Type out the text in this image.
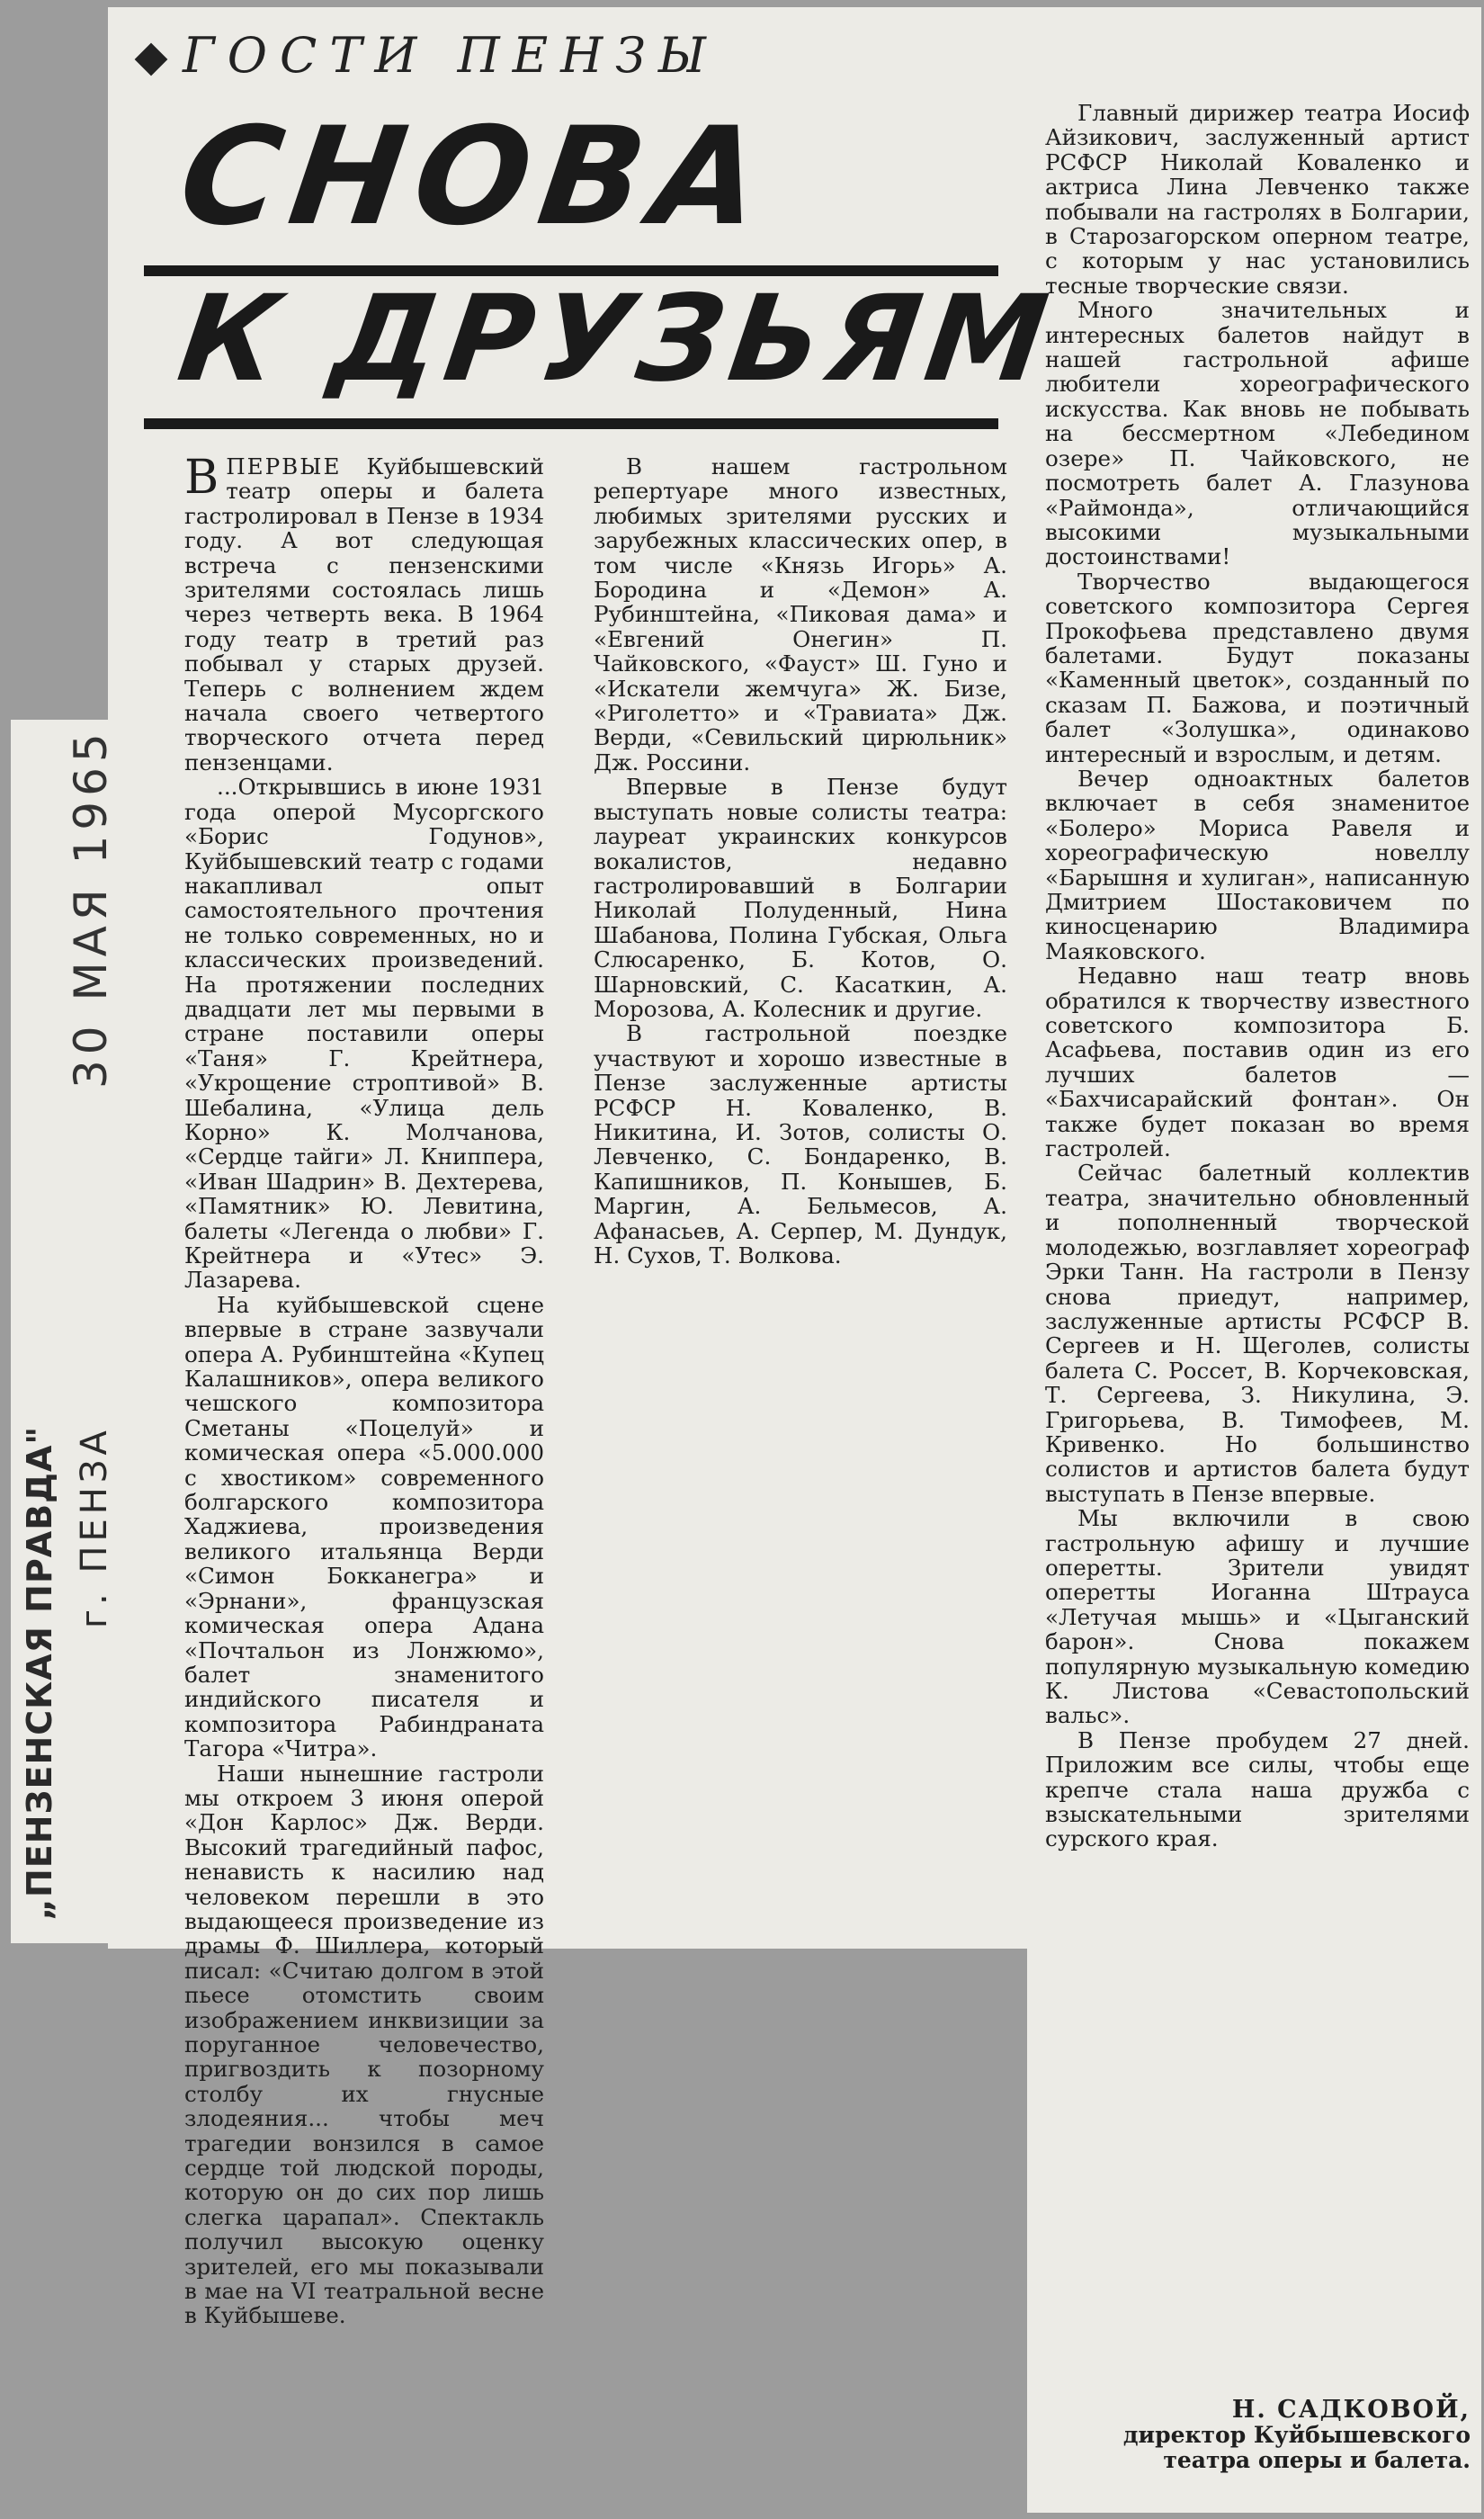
„ПЕНЗЕНСКАЯ ПРАВДА" г. ПЕНЗА
30 МАЯ 1965
ГОСТИ ПЕНЗЫ
СНОВА
К ДРУЗЬЯМ

ВПЕРВЫЕ Куйбышевский театр оперы и балета гастролировал в Пензе в 1934 году. А вот следующая встреча с пензенскими зрителями состоялась лишь через четверть века. В 1964 году театр в третий раз побывал у старых друзей. Теперь с волнением ждем начала своего четвертого творческого отчета перед пензенцами.

...Открывшись в июне 1931 года оперой Мусоргского «Борис Годунов», Куйбышевский театр с годами накапливал опыт самостоятельного прочтения не только современных, но и классических произведений. На протяжении последних двадцати лет мы первыми в стране поставили оперы «Таня» Г. Крейтнера, «Укрощение строптивой» В. Шебалина, «Улица дель Корно» К. Молчанова, «Сердце тайги» Л. Книппера, «Иван Шадрин» В. Дехтерева, «Памятник» Ю. Левитина, балеты «Легенда о любви» Г. Крейтнера и «Утес» Э. Лазарева.

На куйбышевской сцене впервые в стране зазвучали опера А. Рубинштейна «Купец Калашников», опера великого чешского композитора Сметаны «Поцелуй» и комическая опера «5.000.000 с хвостиком» современного болгарского композитора Хаджиева, произведения великого итальянца Верди «Симон Бокканегра» и «Эрнани», французская комическая опера Адана «Почтальон из Лонжюмо», балет знаменитого индийского писателя и композитора Рабиндраната Тагора «Читра».

Наши нынешние гастроли мы откроем 3 июня оперой «Дон Карлос» Дж. Верди. Высокий трагедийный пафос, ненависть к насилию над человеком перешли в это выдающееся произведение из драмы Ф. Шиллера, который писал: «Считаю долгом в этой пьесе отомстить своим изображением инквизиции за поруганное человечество, пригвоздить к позорному столбу их гнусные злодеяния... чтобы меч трагедии вонзился в самое сердце той людской породы, которую он до сих пор лишь слегка царапал». Спектакль получил высокую оценку зрителей, его мы показывали в мае на VI театральной весне в Куйбышеве.

В нашем гастрольном репертуаре много известных, любимых зрителями русских и зарубежных классических опер, в том числе «Князь Игорь» А. Бородина и «Демон» А. Рубинштейна, «Пиковая дама» и «Евгений Онегин» П. Чайковского, «Фауст» Ш. Гуно и «Искатели жемчуга» Ж. Бизе, «Риголетто» и «Травиата» Дж. Верди, «Севильский цирюльник» Дж. Россини.

Впервые в Пензе будут выступать новые солисты театра: лауреат украинских конкурсов вокалистов, недавно гастролировавший в Болгарии Николай Полуденный, Нина Шабанова, Полина Губская, Ольга Слюсаренко, Б. Котов, О. Шарновский, С. Касаткин, А. Морозова, А. Колесник и другие.

В гастрольной поездке участвуют и хорошо известные в Пензе заслуженные артисты РСФСР Н. Коваленко, В. Никитина, И. Зотов, солисты О. Левченко, С. Бондаренко, В. Капишников, П. Конышев, Б. Маргин, А. Бельмесов, А. Афанасьев, А. Серпер, М. Дундук, Н. Сухов, Т. Волкова.

Главный дирижер театра Иосиф Айзикович, заслуженный артист РСФСР Николай Коваленко и актриса Лина Левченко также побывали на гастролях в Болгарии, в Старозагорском оперном театре, с которым у нас установились тесные творческие связи.

Много значительных и интересных балетов найдут в нашей гастрольной афише любители хореографического искусства. Как вновь не побывать на бессмертном «Лебедином озере» П. Чайковского, не посмотреть балет А. Глазунова «Раймонда», отличающийся высокими музыкальными достоинствами!

Творчество выдающегося советского композитора Сергея Прокофьева представлено двумя балетами. Будут показаны «Каменный цветок», созданный по сказам П. Бажова, и поэтичный балет «Золушка», одинаково интересный и взрослым, и детям.

Вечер одноактных балетов включает в себя знаменитое «Болеро» Мориса Равеля и хореографическую новеллу «Барышня и хулиган», написанную Дмитрием Шостаковичем по киносценарию Владимира Маяковского.

Недавно наш театр вновь обратился к творчеству известного советского композитора Б. Асафьева, поставив один из его лучших балетов — «Бахчисарайский фонтан». Он также будет показан во время гастролей.

Сейчас балетный коллектив театра, значительно обновленный и пополненный творческой молодежью, возглавляет хореограф Эрки Танн. На гастроли в Пензу снова приедут, например, заслуженные артисты РСФСР В. Сергеев и Н. Щеголев, солисты балета С. Россет, В. Корчековская, Т. Сергеева, З. Никулина, Э. Григорьева, В. Тимофеев, М. Кривенко. Но большинство солистов и артистов балета будут выступать в Пензе впервые.

Мы включили в свою гастрольную афишу и лучшие оперетты. Зрители увидят оперетты Иоганна Штрауса «Летучая мышь» и «Цыганский барон». Снова покажем популярную музыкальную комедию К. Листова «Севастопольский вальс».

В Пензе пробудем 27 дней. Приложим все силы, чтобы еще крепче стала наша дружба с взыскательными зрителями сурского края.

Н. САДКОВОЙ,
директор Куйбышевского театра оперы и балета.
